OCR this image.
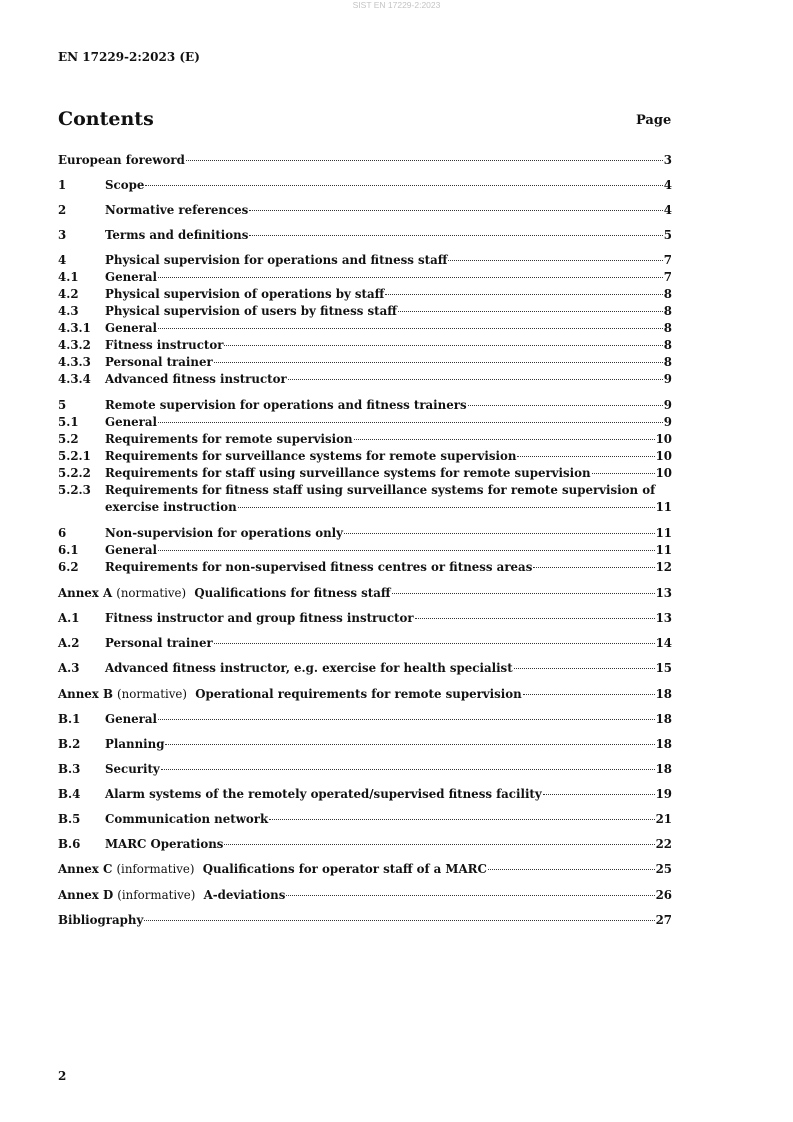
SIST EN 17229-2:2023
EN 17229-2:2023 (E)
Contents	Page
European foreword	3
1	Scope	4
2	Normative references	4
3	Terms and definitions	5
4	Physical supervision for operations and fitness staff	7
4.1	General	7
4.2	Physical supervision of operations by staff	8
4.3	Physical supervision of users by fitness staff	8
4.3.1	General	8
4.3.2	Fitness instructor	8
4.3.3	Personal trainer	8
4.3.4	Advanced fitness instructor	9
5	Remote supervision for operations and fitness trainers	9
5.1	General	9
5.2	Requirements for remote supervision	10
5.2.1	Requirements for surveillance systems for remote supervision	10
5.2.2	Requirements for staff using surveillance systems for remote supervision	10
5.2.3	Requirements for fitness staff using surveillance systems for remote supervision of
exercise instruction	11
6	Non-supervision for operations only	11
6.1	General	11
6.2	Requirements for non-supervised fitness centres or fitness areas	12
Annex A (normative) Qualifications for fitness staff	13
A.1	Fitness instructor and group fitness instructor	13
A.2	Personal trainer	14
A.3	Advanced fitness instructor, e.g. exercise for health specialist	15
Annex B (normative) Operational requirements for remote supervision	18
B.1	General	18
B.2	Planning	18
B.3	Security	18
B.4	Alarm systems of the remotely operated/supervised fitness facility	19
B.5	Communication network	21
B.6	MARC Operations	22
Annex C (informative) Qualifications for operator staff of a MARC	25
Annex D (informative) A-deviations	26
Bibliography	27
2
